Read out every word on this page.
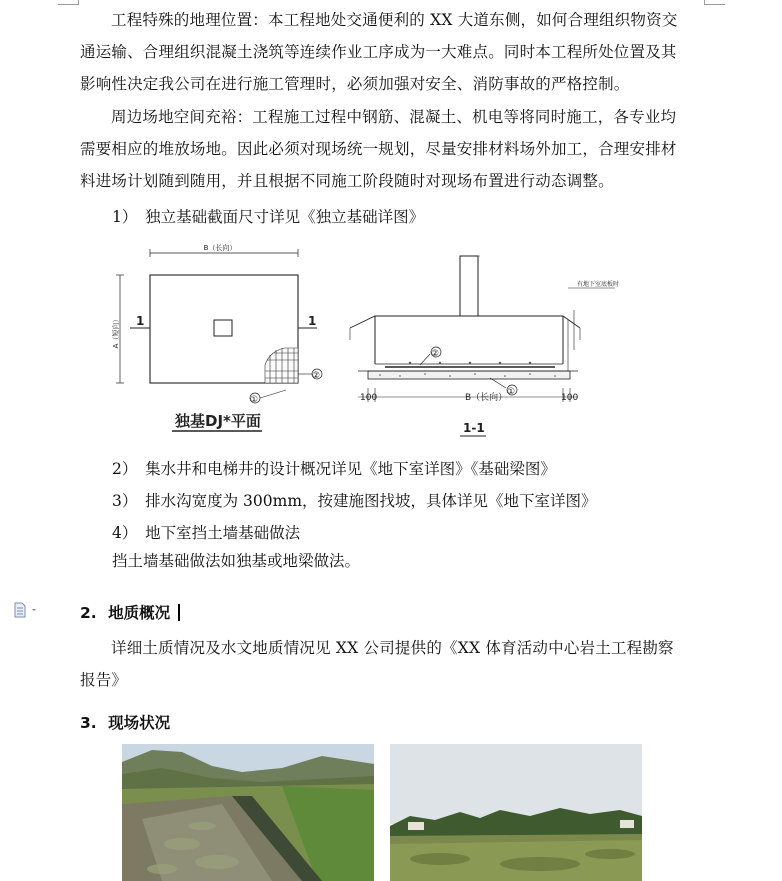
工程特殊的地理位置：本工程地处交通便利的 XX 大道东侧，如何合理组织物资交
通运输、合理组织混凝土浇筑等连续作业工序成为一大难点。同时本工程所处位置及其
影响性决定我公司在进行施工管理时，必须加强对安全、消防事故的严格控制。
周边场地空间充裕：工程施工过程中钢筋、混凝土、机电等将同时施工，各专业均
需要相应的堆放场地。因此必须对现场统一规划，尽量安排材料场外加工，合理安排材
料进场计划随到随用，并且根据不同施工阶段随时对现场布置进行动态调整。
1）　独立基础截面尺寸详见《独立基础详图》
B（长向）
A（短向） 1	1
②
①
独基DJ*平面
②
①
有地下室底板时
100	B（长向）	100
1-1
2）　集水井和电梯井的设计概况详见《地下室详图》《基础梁图》
3）　排水沟宽度为 300mm，按建施图找坡，具体详见《地下室详图》
4）　地下室挡土墙基础做法
挡土墙基础做法如独基或地梁做法。
2. 地质概况
详细土质情况及水文地质情况见 XX 公司提供的《XX 体育活动中心岩土工程勘察
报告》
3. 现场状况
